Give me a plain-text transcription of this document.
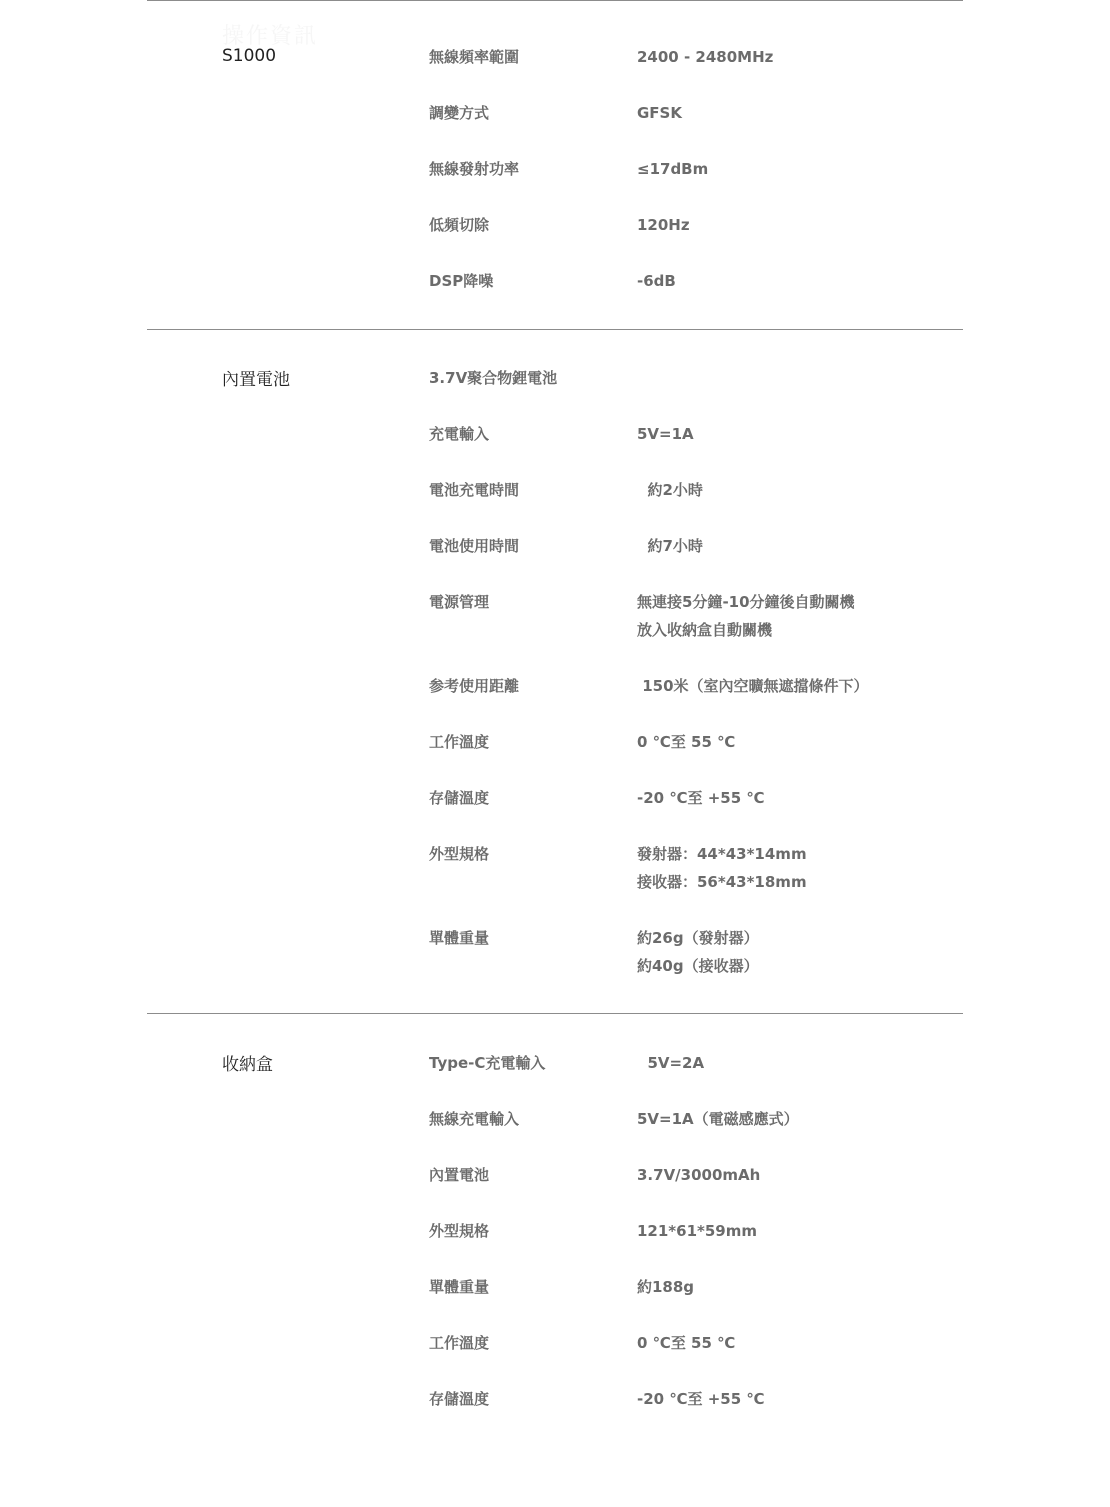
操作資訊
S1000	無線頻率範圍	2400 - 2480MHz
調變方式	GFSK
無線發射功率	≤17dBm
低頻切除	120Hz
DSP降噪	-6dB
內置電池	3.7V聚合物鋰電池
充電輸入	5V=1A
電池充電時間	約2小時
電池使用時間	約7小時
電源管理	無連接5分鐘-10分鐘後自動關機
放入收納盒自動關機
参考使用距離	150米（室內空曠無遮擋條件下）
工作溫度	0 ℃至 55 ℃
存儲溫度	-20 ℃至 +55 ℃
外型規格	發射器：44*43*14mm
接收器：56*43*18mm
單體重量	約26g（發射器）
約40g（接收器）
收納盒	Type-C充電輸入	5V=2A
無線充電輸入	5V=1A（電磁感應式）
內置電池	3.7V/3000mAh
外型規格	121*61*59mm
單體重量	約188g
工作溫度	0 ℃至 55 ℃
存儲溫度	-20 ℃至 +55 ℃
